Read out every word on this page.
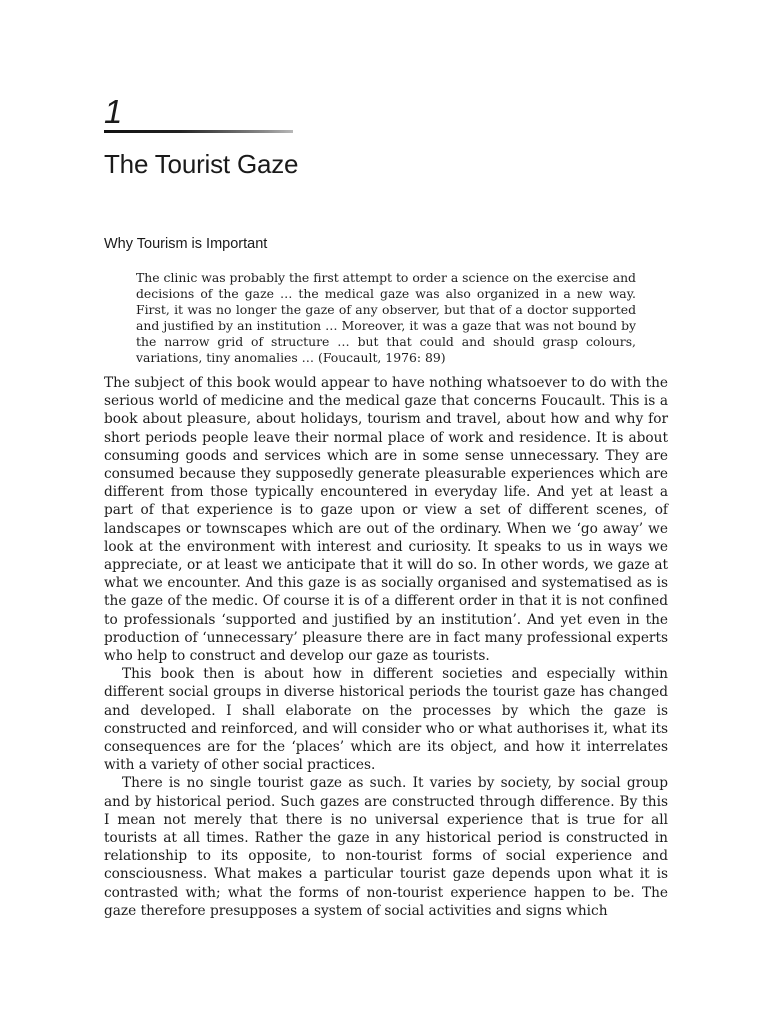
1
The Tourist Gaze
Why Tourism is Important
The clinic was probably the first attempt to order a science on the exercise and decisions of the gaze … the medical gaze was also organized in a new way. First, it was no longer the gaze of any observer, but that of a doctor supported and justified by an institution … Moreover, it was a gaze that was not bound by the narrow grid of structure … but that could and should grasp colours, variations, tiny anomalies … (Foucault, 1976: 89)

The subject of this book would appear to have nothing whatsoever to do with the serious world of medicine and the medical gaze that concerns Foucault. This is a book about pleasure, about holidays, tourism and travel, about how and why for short periods people leave their normal place of work and residence. It is about consuming goods and services which are in some sense unnecessary. They are consumed because they supposedly generate pleasurable experiences which are different from those typically encountered in everyday life. And yet at least a part of that experience is to gaze upon or view a set of different scenes, of landscapes or townscapes which are out of the ordinary. When we ‘go away’ we look at the environment with interest and curiosity. It speaks to us in ways we appreciate, or at least we anticipate that it will do so. In other words, we gaze at what we encounter. And this gaze is as socially organised and systematised as is the gaze of the medic. Of course it is of a different order in that it is not confined to professionals ‘supported and justified by an institution’. And yet even in the production of ‘unnecessary’ pleasure there are in fact many professional experts who help to construct and develop our gaze as tourists.

This book then is about how in different societies and especially within different social groups in diverse historical periods the tourist gaze has changed and developed. I shall elaborate on the processes by which the gaze is constructed and reinforced, and will consider who or what authorises it, what its consequences are for the ‘places’ which are its object, and how it interrelates with a variety of other social practices.

There is no single tourist gaze as such. It varies by society, by social group and by historical period. Such gazes are constructed through difference. By this I mean not merely that there is no universal experience that is true for all tourists at all times. Rather the gaze in any historical period is constructed in relationship to its opposite, to non-tourist forms of social experience and consciousness. What makes a particular tourist gaze depends upon what it is contrasted with; what the forms of non-tourist experience happen to be. The gaze therefore presupposes a system of social activities and signs which
